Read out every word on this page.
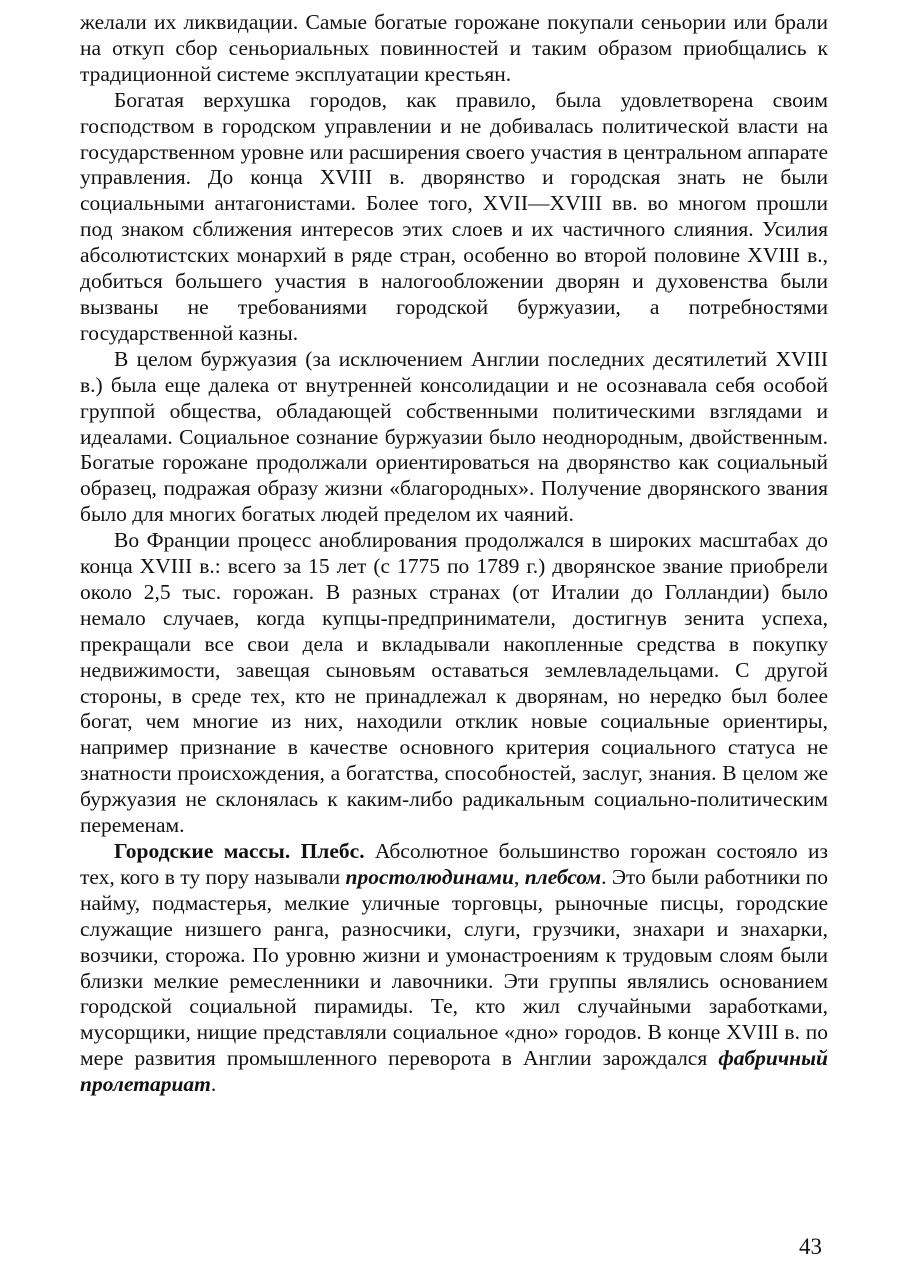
желали их ликвидации. Самые богатые горожане покупали сеньории или брали на откуп сбор сеньориальных повинностей и таким образом приобщались к традиционной системе эксплуатации крестьян.

Богатая верхушка городов, как правило, была удовлетворена своим господством в городском управлении и не добивалась политической власти на государственном уровне или расширения своего участия в центральном аппарате управления. До конца XVIII в. дворянство и городская знать не были социальными антагонистами. Более того, XVII—XVIII вв. во многом прошли под знаком сближения интересов этих слоев и их частичного слияния. Усилия абсолютистских монархий в ряде стран, особенно во второй половине XVIII в., добиться большего участия в налогообложении дворян и духовенства были вызваны не требованиями городской буржуазии, а потребностями государственной казны.

В целом буржуазия (за исключением Англии последних десятилетий XVIII в.) была еще далека от внутренней консолидации и не осознавала себя особой группой общества, обладающей собственными политическими взглядами и идеалами. Социальное сознание буржуазии было неоднородным, двойственным. Богатые горожане продолжали ориентироваться на дворянство как социальный образец, подражая образу жизни «благородных». Получение дворянского звания было для многих богатых людей пределом их чаяний.

Во Франции процесс аноблирования продолжался в широких масштабах до конца XVIII в.: всего за 15 лет (с 1775 по 1789 г.) дворянское звание приобрели около 2,5 тыс. горожан. В разных странах (от Италии до Голландии) было немало случаев, когда купцы-предприниматели, достигнув зенита успеха, прекращали все свои дела и вкладывали накопленные средства в покупку недвижимости, завещая сыновьям оставаться землевладельцами. С другой стороны, в среде тех, кто не принадлежал к дворянам, но нередко был более богат, чем многие из них, находили отклик новые социальные ориентиры, например признание в качестве основного критерия социального статуса не знатности происхождения, а богатства, способностей, заслуг, знания. В целом же буржуазия не склонялась к каким-либо радикальным социально-политическим переменам.

Городские массы. Плебс. Абсолютное большинство горожан состояло из тех, кого в ту пору называли простолюдинами, плебсом. Это были работники по найму, подмастерья, мелкие уличные торговцы, рыночные писцы, городские служащие низшего ранга, разносчики, слуги, грузчики, знахари и знахарки, возчики, сторожа. По уровню жизни и умонастроениям к трудовым слоям были близки мелкие ремесленники и лавочники. Эти группы являлись основанием городской социальной пирамиды. Те, кто жил случайными заработками, мусорщики, нищие представляли социальное «дно» городов. В конце XVIII в. по мере развития промышленного переворота в Англии зарождался фабричный пролетариат.

43
